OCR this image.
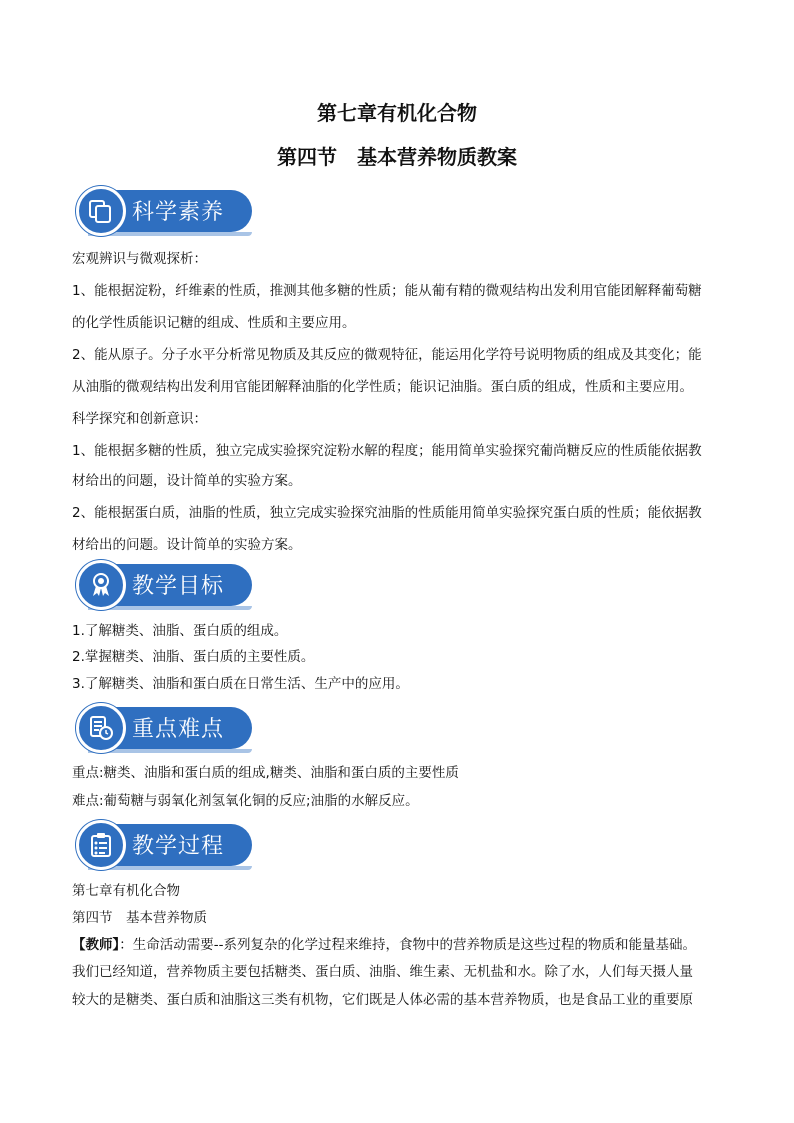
第七章有机化合物
第四节　基本营养物质教案
科学素养
宏观辨识与微观探析：
1、能根据淀粉，纤维素的性质，推测其他多糖的性质；能从葡有精的微观结构出发利用官能团解释葡萄糖
的化学性质能识记糖的组成、性质和主要应用。
2、能从原子。分子水平分析常见物质及其反应的微观特征，能运用化学符号说明物质的组成及其变化；能
从油脂的微观结构出发利用官能团解释油脂的化学性质；能识记油脂。蛋白质的组成，性质和主要应用。
科学探究和创新意识：
1、能根据多糖的性质，独立完成实验探究淀粉水解的程度；能用简单实验探究葡尚糖反应的性质能依据教
材给出的问题，设计简单的实验方案。
2、能根据蛋白质，油脂的性质，独立完成实验探究油脂的性质能用简单实验探究蛋白质的性质；能依据教
材给出的问题。设计简单的实验方案。
教学目标
1.了解糖类、油脂、蛋白质的组成。
2.掌握糖类、油脂、蛋白质的主要性质。
3.了解糖类、油脂和蛋白质在日常生活、生产中的应用。
重点难点
重点:糖类、油脂和蛋白质的组成,糖类、油脂和蛋白质的主要性质
难点:葡萄糖与弱氧化剂氢氧化铜的反应;油脂的水解反应。
教学过程
第七章有机化合物
第四节　基本营养物质
【教师】：生命活动需要--系列复杂的化学过程来维持，食物中的营养物质是这些过程的物质和能量基础。
我们已经知道，营养物质主要包括糖类、蛋白质、油脂、维生素、无机盐和水。除了水，人们每天摄人量
较大的是糖类、蛋白质和油脂这三类有机物，它们既是人体必需的基本营养物质，也是食品工业的重要原
